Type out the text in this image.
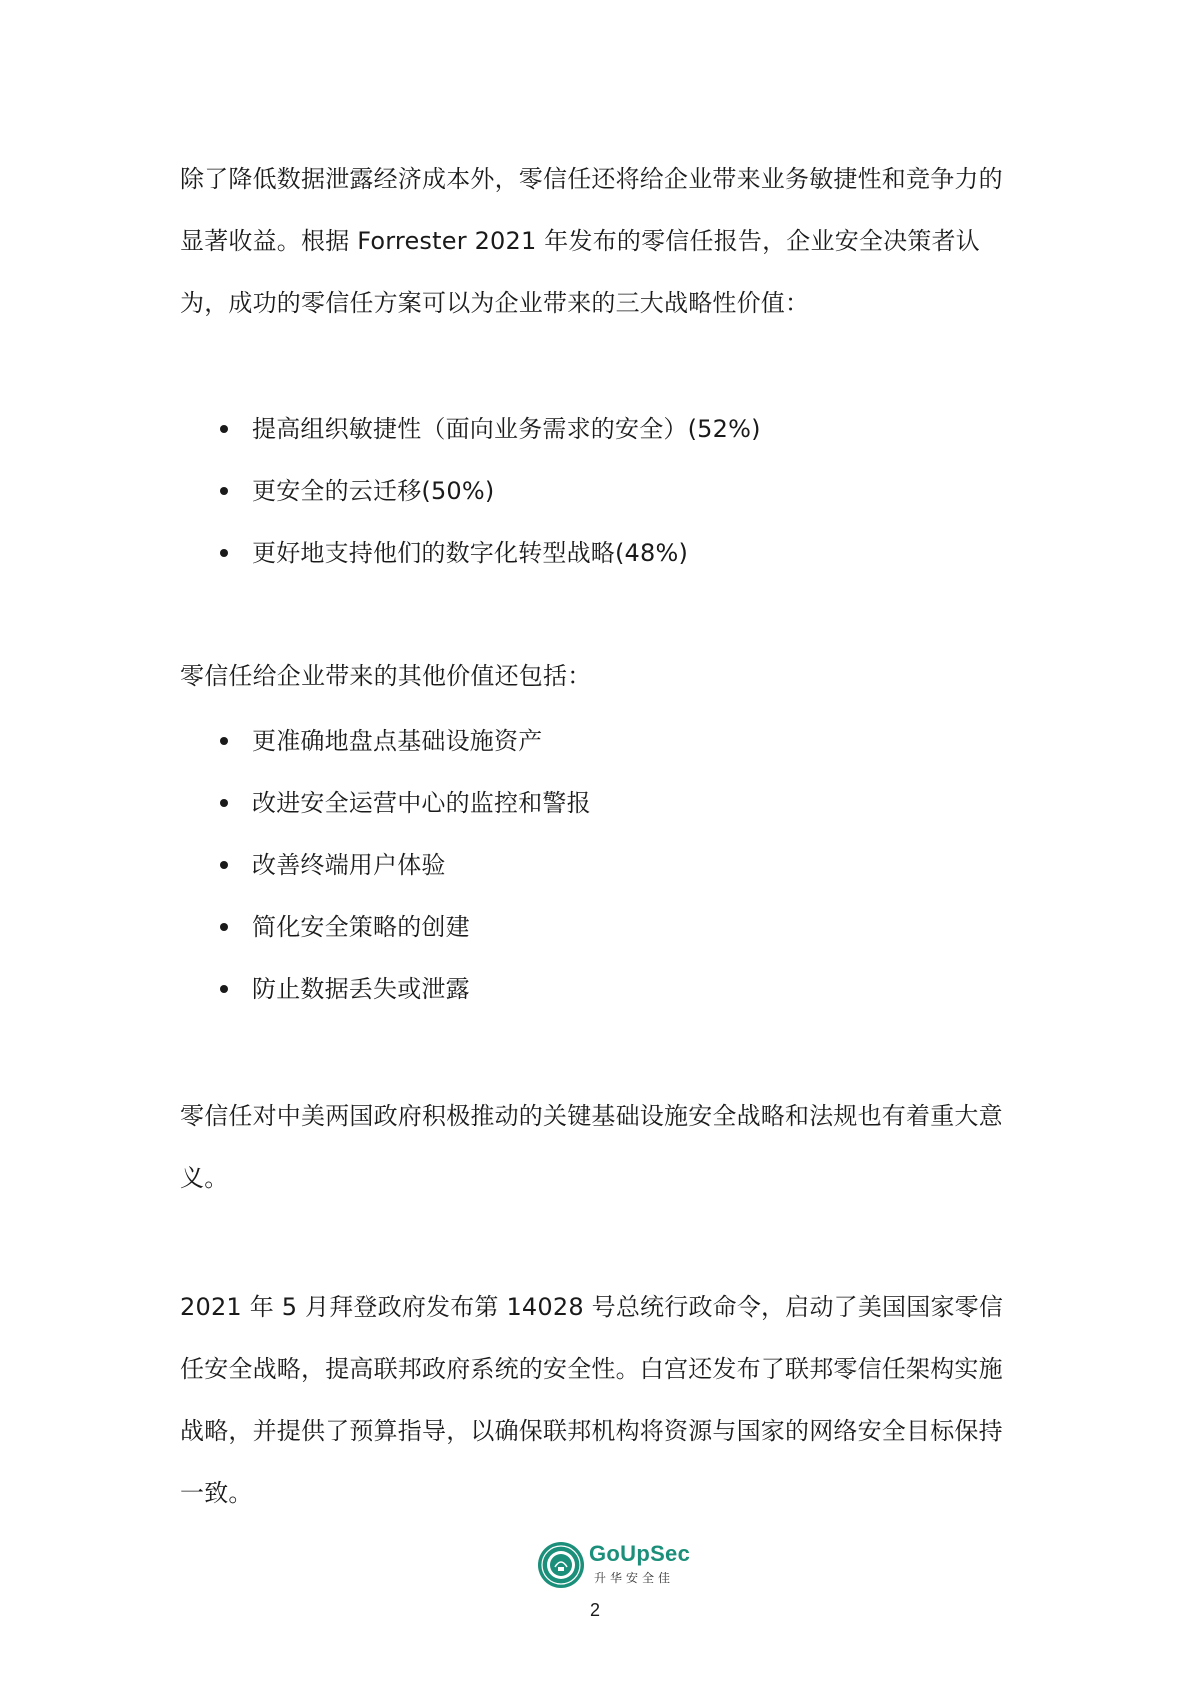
除了降低数据泄露经济成本外，零信任还将给企业带来业务敏捷性和竞争力的显著收益。根据 Forrester 2021 年发布的零信任报告，企业安全决策者认为，成功的零信任方案可以为企业带来的三大战略性价值：

提高组织敏捷性（面向业务需求的安全）(52%)
更安全的云迁移(50%)
更好地支持他们的数字化转型战略(48%)

零信任给企业带来的其他价值还包括：

更准确地盘点基础设施资产
改进安全运营中心的监控和警报
改善终端用户体验
简化安全策略的创建
防止数据丢失或泄露

零信任对中美两国政府积极推动的关键基础设施安全战略和法规也有着重大意义。

2021 年 5 月拜登政府发布第 14028 号总统行政命令，启动了美国国家零信任安全战略，提高联邦政府系统的安全性。白宫还发布了联邦零信任架构实施战略，并提供了预算指导，以确保联邦机构将资源与国家的网络安全目标保持一致。

GoUpSec
升华安全佳
2
